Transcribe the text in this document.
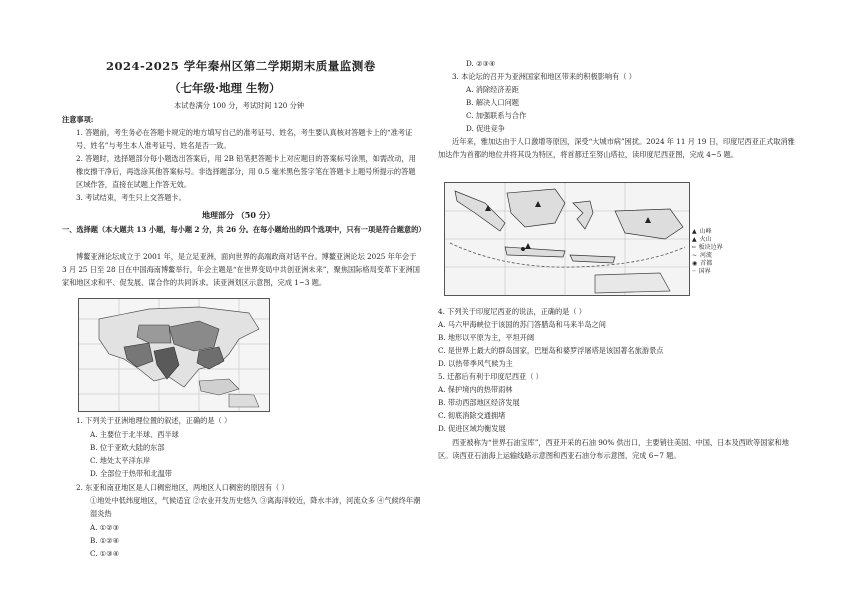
2024-2025 学年秦州区第二学期期末质量监测卷
（七年级·地理 生物）
本试卷满分 100 分，考试时间 120 分钟
注意事项:
1. 答题前，考生务必在答题卡规定的地方填写自己的准考证号、姓名，考生要认真核对答题卡上的“准考证号、姓名”与考生本人准考证号、姓名是否一致。
2. 答题时，选择题部分每小题选出答案后，用 2B 铅笔把答题卡上对应题目的答案标号涂黑，如需改动，用橡皮擦干净后，再选涂其他答案标号。非选择题部分，用 0.5 毫米黑色签字笔在答题卡上题号所提示的答题区域作答，直接在试题上作答无效。
3. 考试结束，考生只上交答题卡。
地理部分 （50 分）
一、选择题（本大题共 13 小题，每小题 2 分，共 26 分。在每小题给出的四个选项中，只有一项是符合题意的）
博鳌亚洲论坛成立于 2001 年，是立足亚洲，面向世界的高端政商对话平台。博鳌亚洲论坛 2025 年年会于 3 月 25 日至 28 日在中国海南博鳌举行，年会主题是“在世界变局中共创亚洲未来”，聚焦国际格局变革下亚洲国家和地区求和平、促发展、谋合作的共同诉求。读亚洲划区示意图，完成 1~3 题。
1. 下列关于亚洲地理位置的叙述，正确的是（ ）
A. 主要位于北半球、西半球
B. 位于亚欧大陆的东部
C. 地处太平洋东岸
D. 全部位于热带和北温带
2. 东亚和南亚地区是人口稠密地区，两地区人口稠密的原因有（ ）
①地处中低纬度地区，气候适宜 ②农业开发历史悠久 ③离海洋较近，降水丰沛，河流众多 ④气候终年潮湿炎热
A. ①②③
B. ①②④
C. ①③④
D. ②③④
3. 本论坛的召开为亚洲国家和地区带来的积极影响有（ ）
A. 消除经济差距
B. 解决人口问题
C. 加强联系与合作
D. 促进竞争
近年来，雅加达由于人口激增等原因，深受“大城市病”困扰。2024 年 11 月 19 日，印度尼西亚正式取消雅加达作为首都的地位并将其设为特区，将首都迁至努山塔拉，读印度尼西亚图，完成 4~5 题。
▲ 山峰
▲ 火山
┅ 板块边界
∼ 河流
◉ 首都
┈ 国界
4. 下列关于印度尼西亚的说法，正确的是（ ）
A. 马六甲海峡位于该国的苏门答腊岛和马来半岛之间
B. 地形以平原为主，平坦开阔
C. 是世界上最大的群岛国家，巴厘岛和婆罗浮屠塔是该国著名旅游景点
D. 以热带季风气候为主
5. 迁都后有利于印度尼西亚（ ）
A. 保护境内的热带雨林
B. 带动西部地区经济发展
C. 彻底消除交通拥堵
D. 促进区域均衡发展
西亚被称为“世界石油宝库”，西亚开采的石油 90% 供出口，主要销往美国、中国、日本及西欧等国家和地区。读西亚石油海上运输线路示意图和西亚石油分布示意图，完成 6~7 题。
